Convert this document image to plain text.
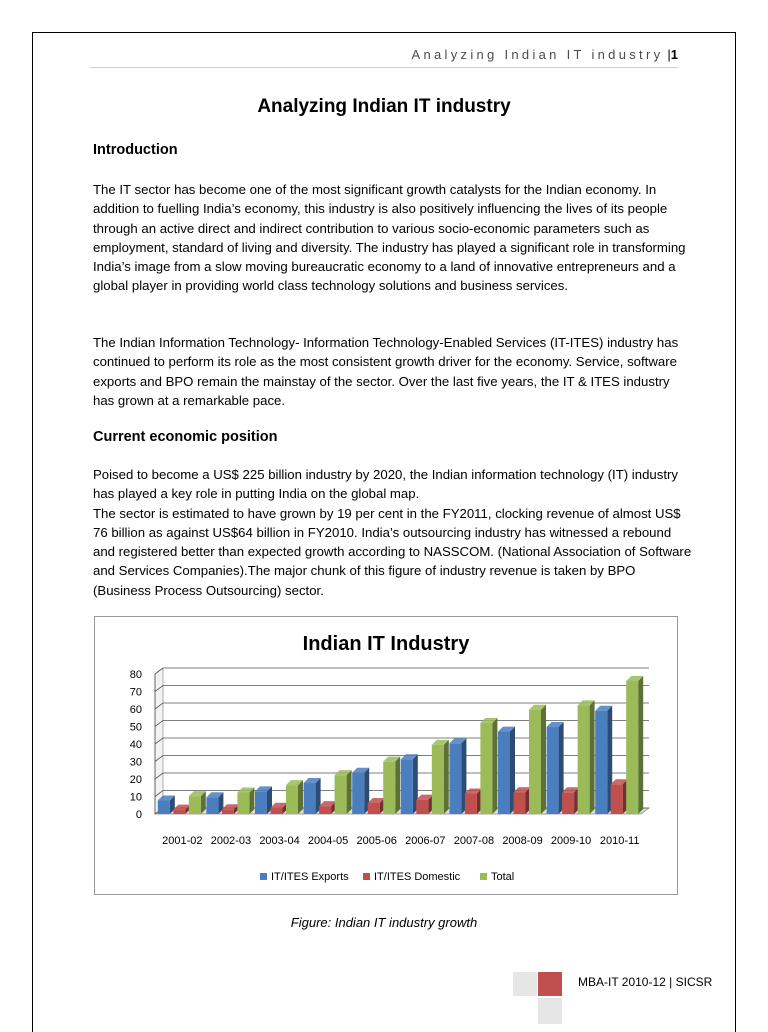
Analyzing Indian IT industry |1
Analyzing Indian IT industry
Introduction

The IT sector has become one of the most significant growth catalysts for the Indian economy. In addition to fuelling India’s economy, this industry is also positively influencing the lives of its people through an active direct and indirect contribution to various socio-economic parameters such as employment, standard of living and diversity. The industry has played a significant role in transforming India’s image from a slow moving bureaucratic economy to a land of innovative entrepreneurs and a global player in providing world class technology solutions and business services.

The Indian Information Technology- Information Technology-Enabled Services (IT-ITES) industry has continued to perform its role as the most consistent growth driver for the economy. Service, software exports and BPO remain the mainstay of the sector. Over the last five years, the IT & ITES industry has grown at a remarkable pace.

Current economic position

Poised to become a US$ 225 billion industry by 2020, the Indian information technology (IT) industry has played a key role in putting India on the global map.

The sector is estimated to have grown by 19 per cent in the FY2011, clocking revenue of almost US$ 76 billion as against US$64 billion in FY2010. India’s outsourcing industry has witnessed a rebound and registered better than expected growth according to NASSCOM. (National Association of Software and Services Companies).The major chunk of this figure of industry revenue is taken by BPO (Business Process Outsourcing) sector.

Indian IT Industry
0
10
20
30
40
50
60
70
80
2001-02 2002-03 2003-04 2004-05 2005-06 2006-07 2007-08 2008-09 2009-10 2010-11
IT/ITES Exports IT/ITES Domestic	Total
Figure: Indian IT industry growth
MBA-IT 2010-12 | SICSR
